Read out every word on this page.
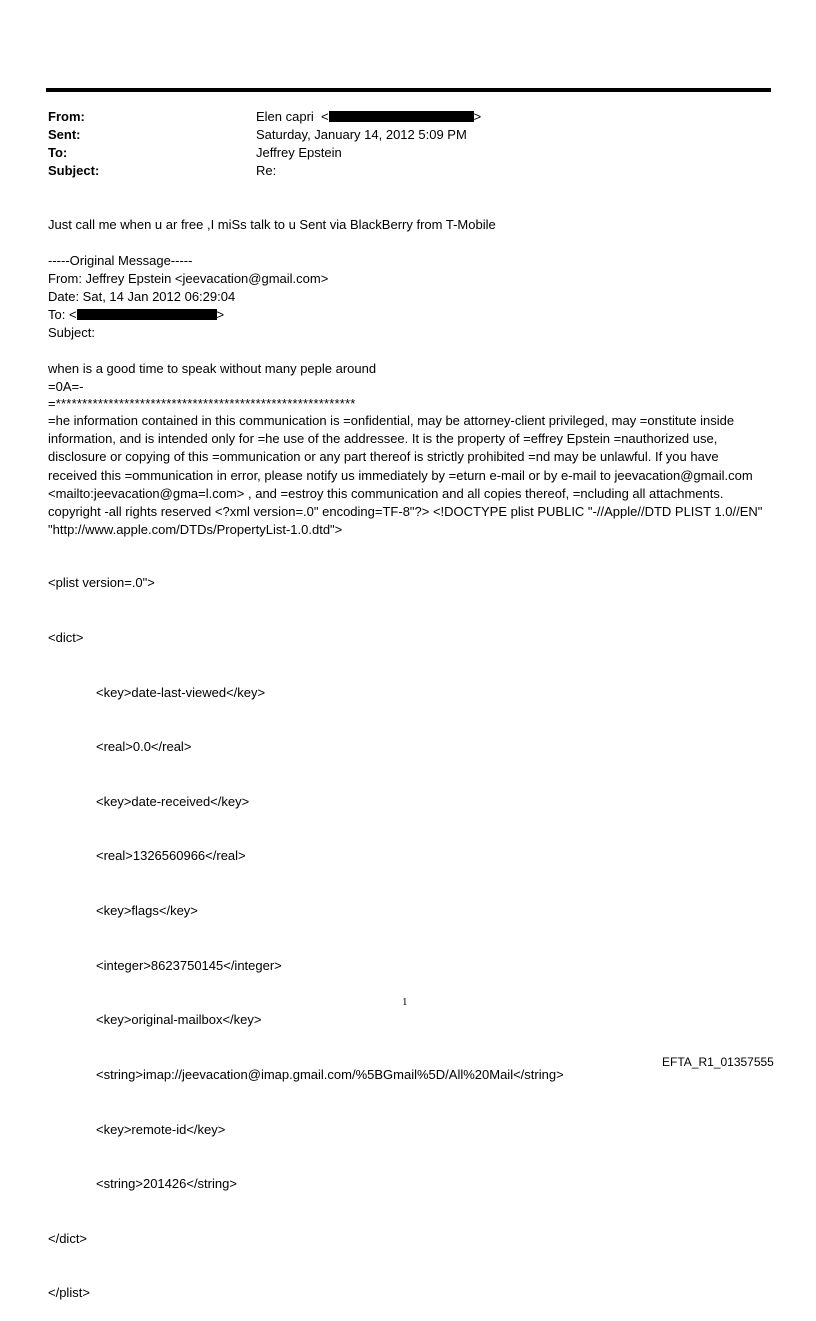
From:	Elen capri <	>
Sent:	Saturday, January 14, 2012 5:09 PM
To:	Jeffrey Epstein
Subject:	Re:

Just call me when u ar free ,I miSs talk to u Sent via BlackBerry from T-Mobile

-----Original Message-----

From: Jeffrey Epstein <jeevacation@gmail.com>

Date: Sat, 14 Jan 2012 06:29:04

To: <	>

Subject:

when is a good time to speak without many peple around

=0A=-

=*********************************************************

=he information contained in this communication is =onfidential, may be attorney-client privileged, may =onstitute inside information, and is intended only for =he use of the addressee. It is the property of =effrey Epstein =nauthorized use, disclosure or copying of this =ommunication or any part thereof is strictly prohibited =nd may be unlawful. If you have received this =ommunication in error, please notify us immediately by =eturn e-mail or by e-mail to jeevacation@gmail.com <mailto:jeevacation@gma=l.com> , and =estroy this communication and all copies thereof, =ncluding all attachments. copyright -all rights reserved <?xml version=.0" encoding=TF-8"?> <!DOCTYPE plist PUBLIC "-//Apple//DTD PLIST 1.0//EN" "http://www.apple.com/DTDs/PropertyList-1.0.dtd">

<plist version=.0">

<dict>

<key>date-last-viewed</key>

<real>0.0</real>

<key>date-received</key>

<real>1326560966</real>

<key>flags</key>

<integer>8623750145</integer>

<key>original-mailbox</key>

<string>imap://jeevacation@imap.gmail.com/%5BGmail%5D/All%20Mail</string>

<key>remote-id</key>

<string>201426</string>

</dict>

</plist>

1
EFTA_R1_01357555
